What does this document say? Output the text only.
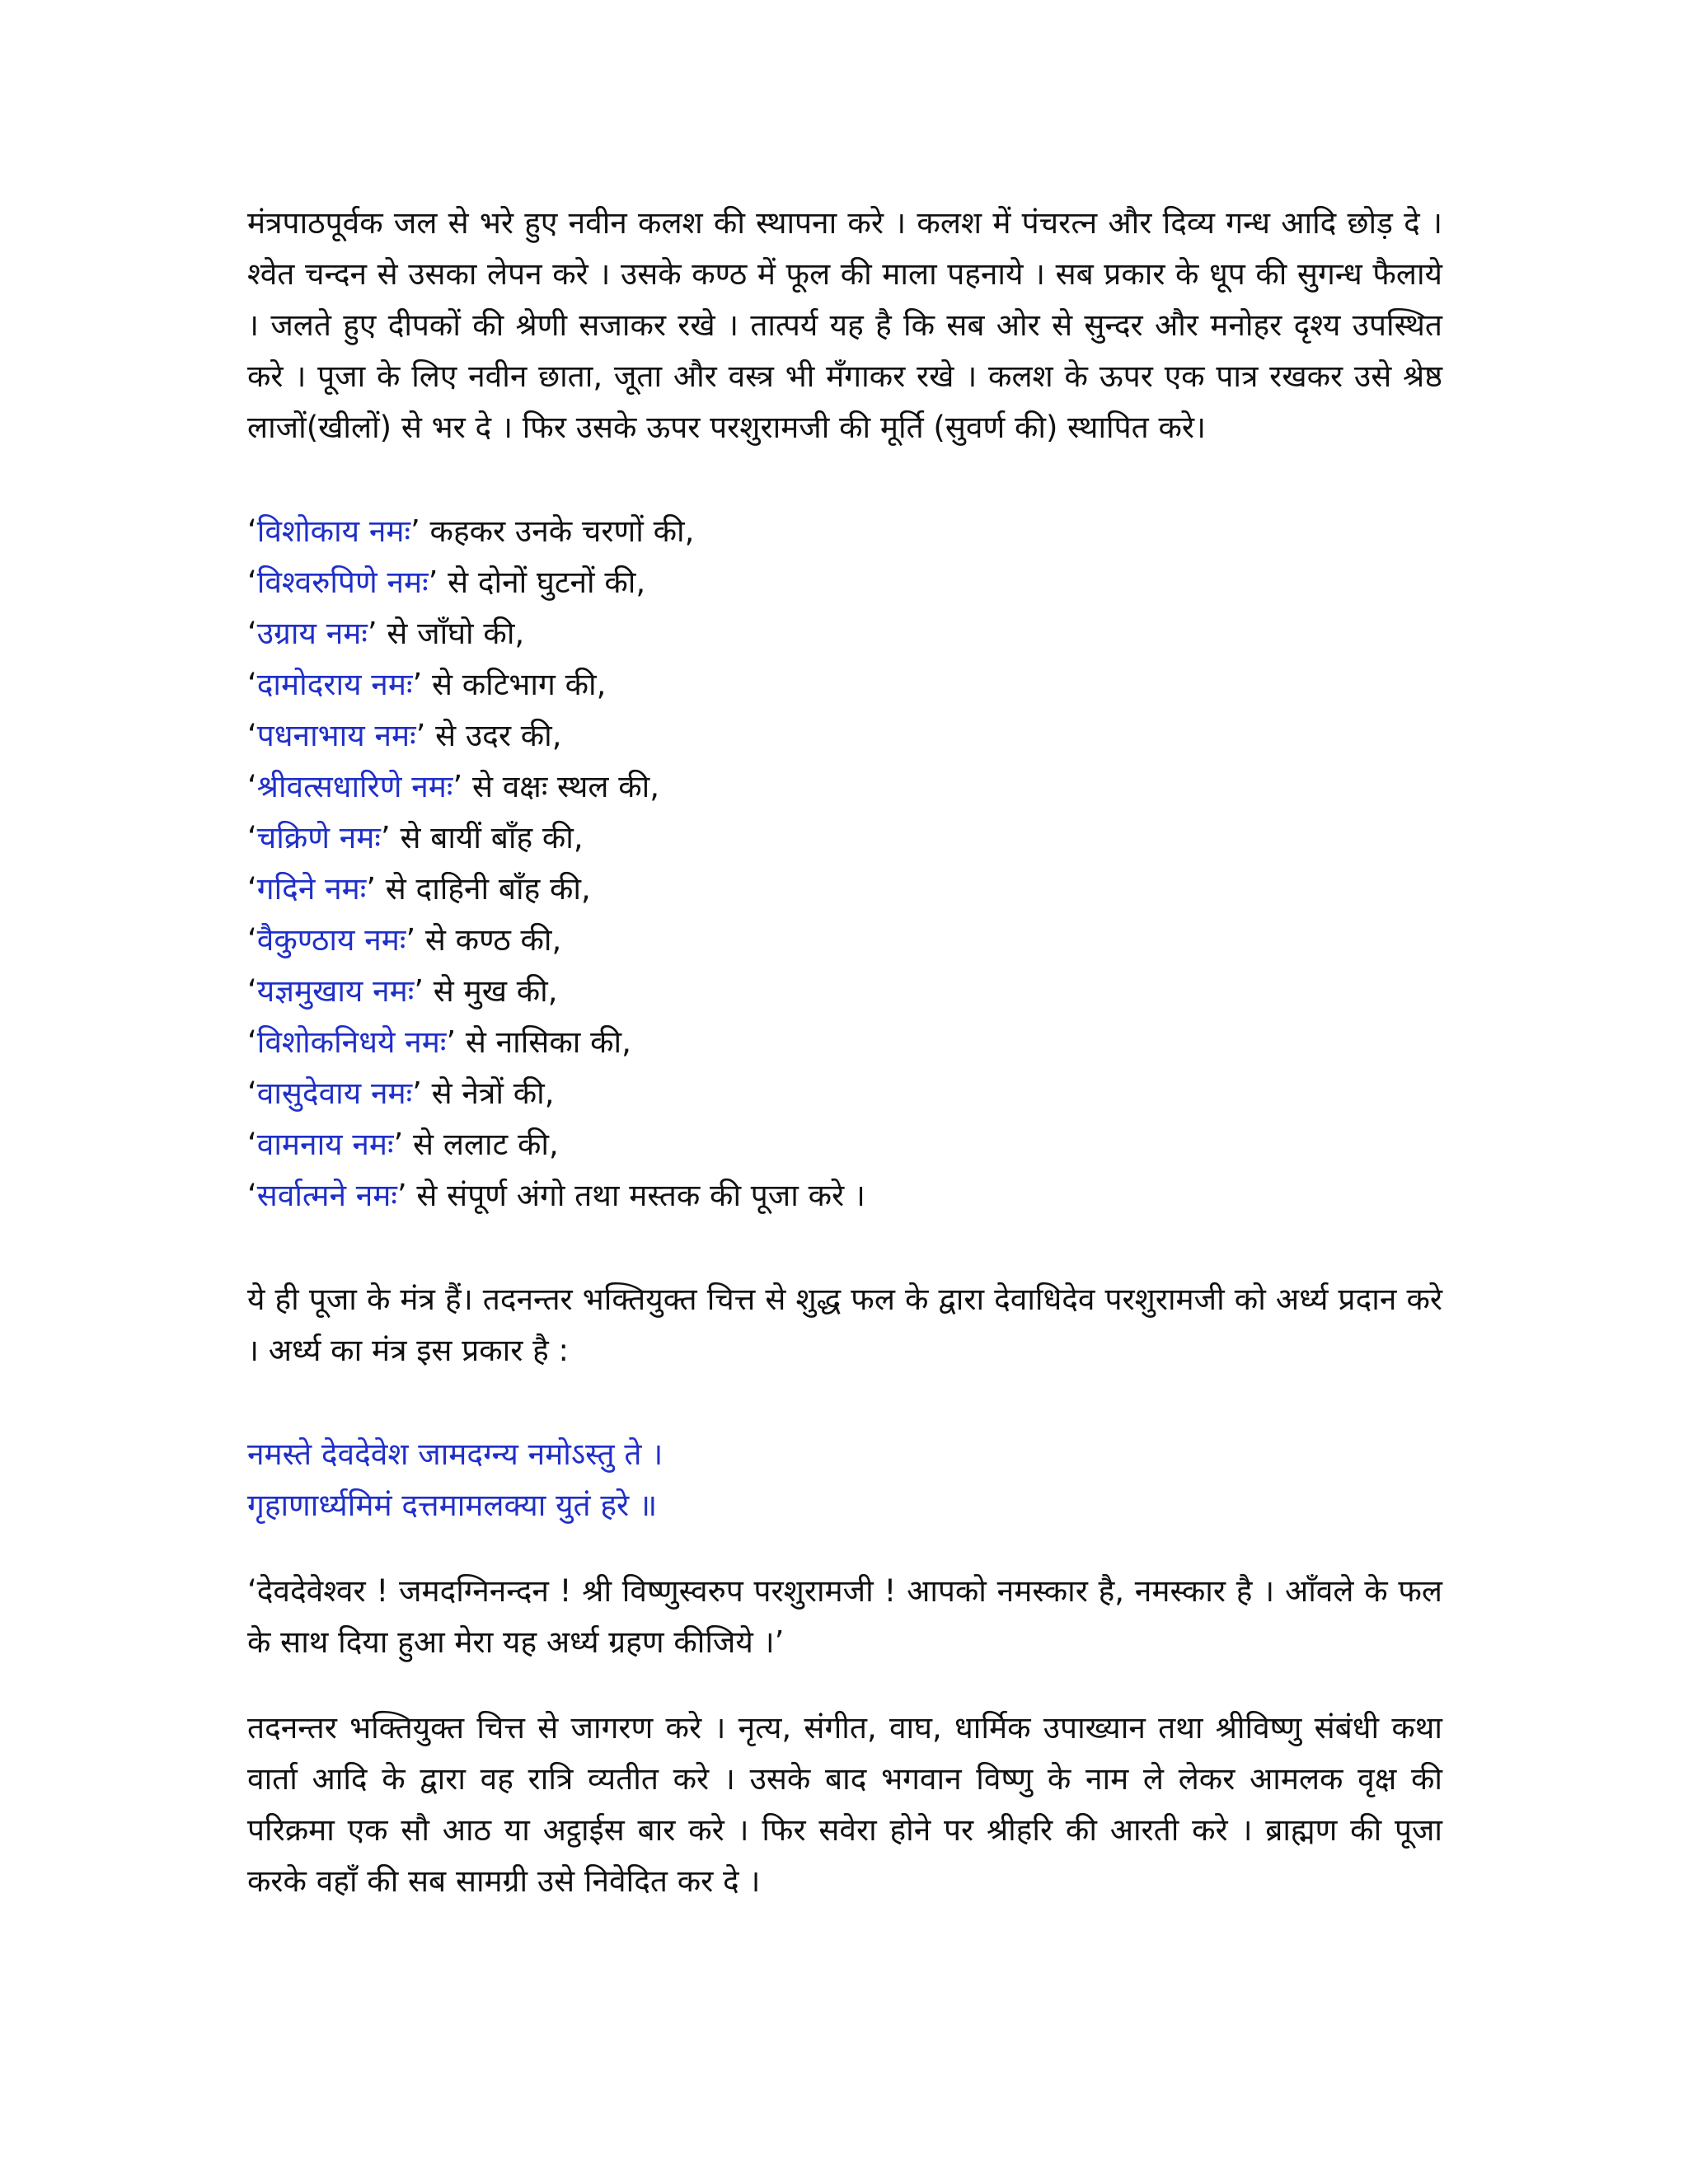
मंत्रपाठपूर्वक जल से भरे हुए नवीन कलश की स्थापना करे । कलश में पंचरत्न और दिव्य गन्ध आदि छोड़ दे । श्वेत चन्दन से उसका लेपन करे । उसके कण्ठ में फूल की माला पहनाये । सब प्रकार के धूप की सुगन्ध फैलाये । जलते हुए दीपकों की श्रेणी सजाकर रखे । तात्पर्य यह है कि सब ओर से सुन्दर और मनोहर दृश्य उपस्थित करे । पूजा के लिए नवीन छाता, जूता और वस्त्र भी मँगाकर रखे । कलश के ऊपर एक पात्र रखकर उसे श्रेष्ठ लाजों(खीलों) से भर दे । फिर उसके ऊपर परशुरामजी की मूर्ति (सुवर्ण की) स्थापित करे।

‘विशोकाय नमः’ कहकर उनके चरणों की,
‘विश्वरुपिणे नमः’ से दोनों घुटनों की,
‘उग्राय नमः’ से जाँघो की,
‘दामोदराय नमः’ से कटिभाग की,
‘पधनाभाय नमः’ से उदर की,
‘श्रीवत्सधारिणे नमः’ से वक्षः स्थल की,
‘चक्रिणे नमः’ से बायीं बाँह की,
‘गदिने नमः’ से दाहिनी बाँह की,
‘वैकुण्ठाय नमः’ से कण्ठ की,
‘यज्ञमुखाय नमः’ से मुख की,
‘विशोकनिधये नमः’ से नासिका की,
‘वासुदेवाय नमः’ से नेत्रों की,
‘वामनाय नमः’ से ललाट की,
‘सर्वात्मने नमः’ से संपूर्ण अंगो तथा मस्तक की पूजा करे ।

ये ही पूजा के मंत्र हैं। तदनन्तर भक्तियुक्त चित्त से शुद्ध फल के द्वारा देवाधिदेव परशुरामजी को अर्ध्य प्रदान करे । अर्ध्य का मंत्र इस प्रकार है :

नमस्ते देवदेवेश जामदग्न्य नमोऽस्तु ते ।
गृहाणार्ध्यमिमं दत्तमामलक्या युतं हरे ॥

‘देवदेवेश्वर ! जमदग्निनन्दन ! श्री विष्णुस्वरुप परशुरामजी ! आपको नमस्कार है, नमस्कार है । आँवले के फल के साथ दिया हुआ मेरा यह अर्ध्य ग्रहण कीजिये ।’

तदनन्तर भक्तियुक्त चित्त से जागरण करे । नृत्य, संगीत, वाघ, धार्मिक उपाख्यान तथा श्रीविष्णु संबंधी कथा वार्ता आदि के द्वारा वह रात्रि व्यतीत करे । उसके बाद भगवान विष्णु के नाम ले लेकर आमलक वृक्ष की परिक्रमा एक सौ आठ या अट्ठाईस बार करे । फिर सवेरा होने पर श्रीहरि की आरती करे । ब्राह्मण की पूजा करके वहाँ की सब सामग्री उसे निवेदित कर दे ।
